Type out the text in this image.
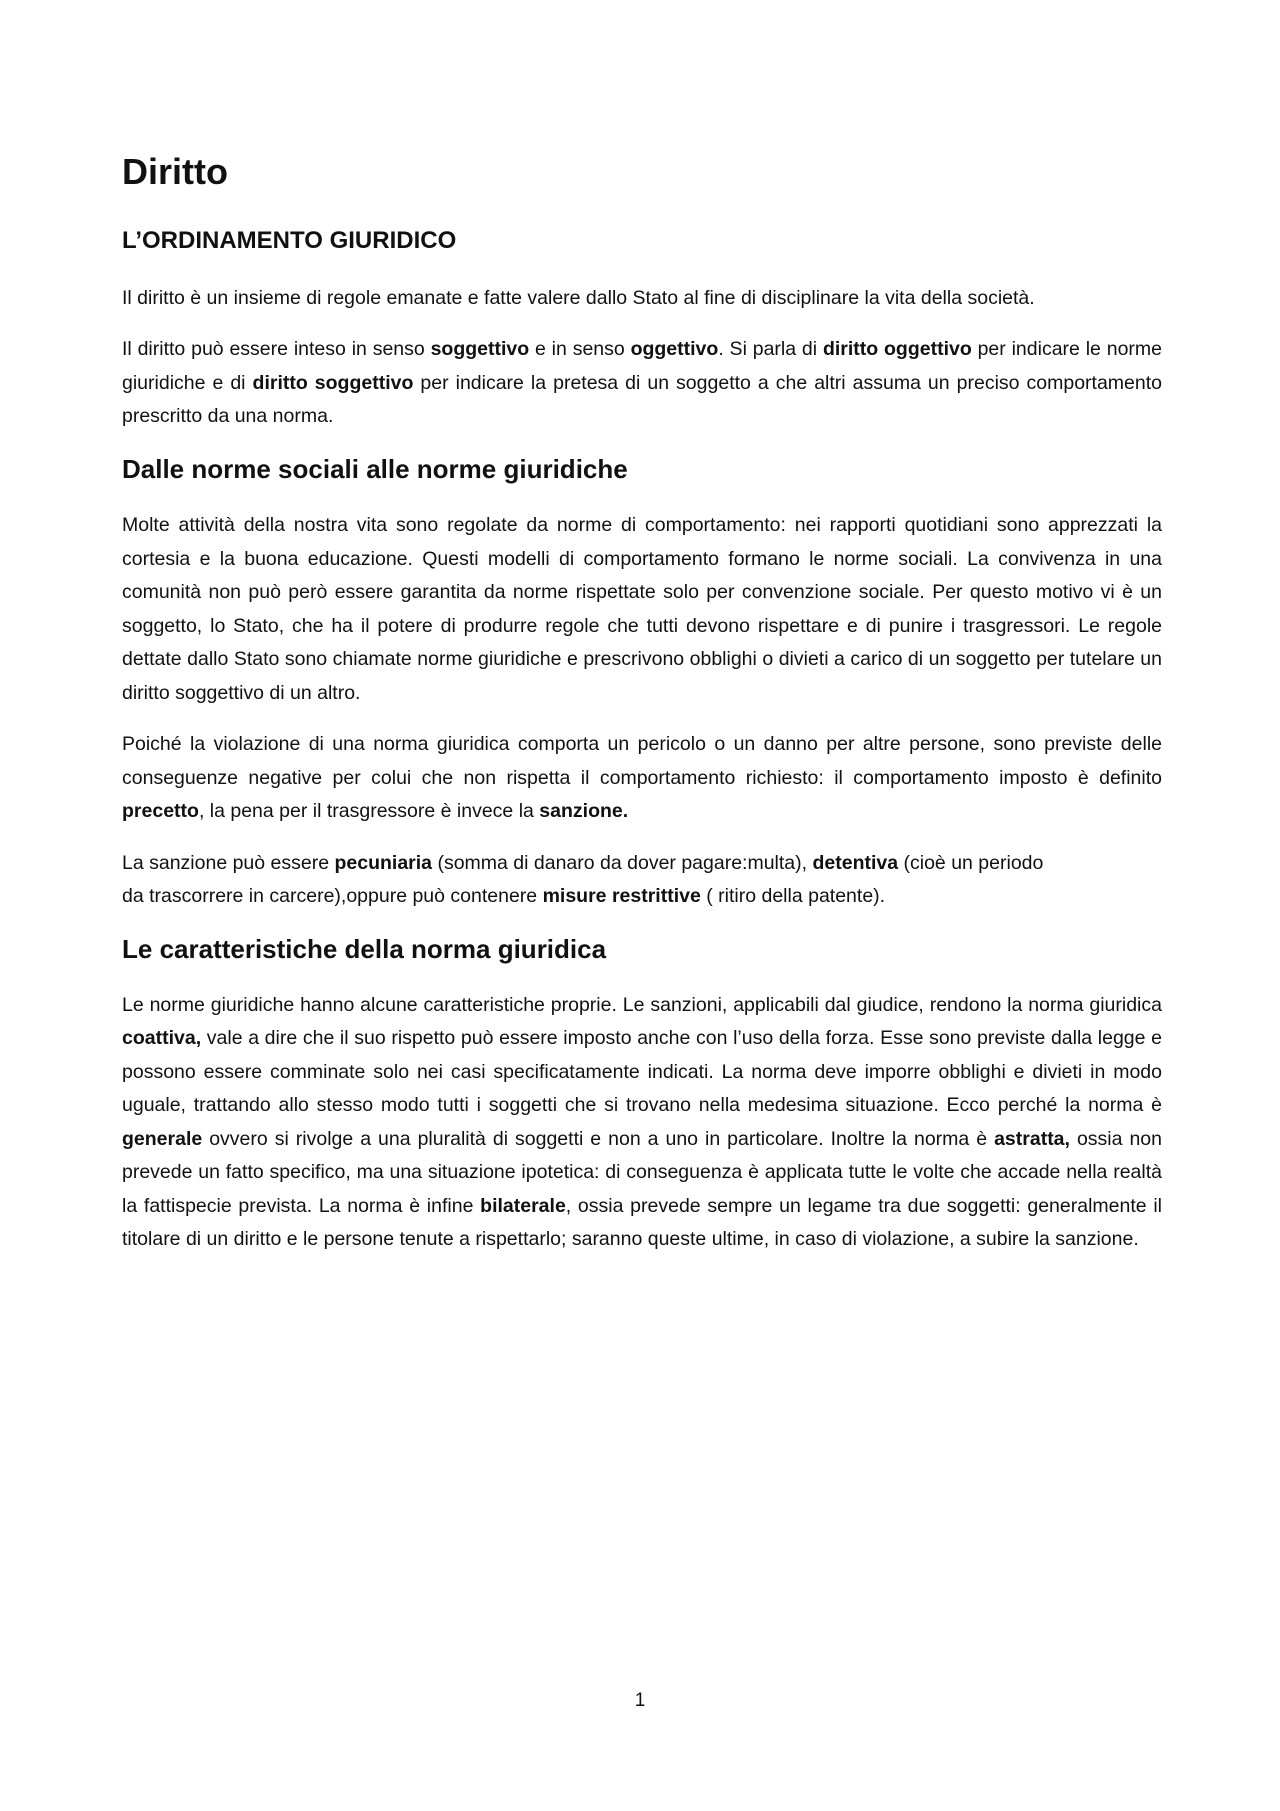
Diritto
L’ORDINAMENTO GIURIDICO

Il diritto è un insieme di regole emanate e fatte valere dallo Stato al fine di disciplinare la vita della società.

Il diritto può essere inteso in senso soggettivo e in senso oggettivo. Si parla di diritto oggettivo per indicare le norme giuridiche e di diritto soggettivo per indicare la pretesa di un soggetto a che altri assuma un preciso comportamento prescritto da una norma.

Dalle norme sociali alle norme giuridiche

Molte attività della nostra vita sono regolate da norme di comportamento: nei rapporti quotidiani sono apprezzati la cortesia e la buona educazione. Questi modelli di comportamento formano le norme sociali. La convivenza in una comunità non può però essere garantita da norme rispettate solo per convenzione sociale. Per questo motivo vi è un soggetto, lo Stato, che ha il potere di produrre regole che tutti devono rispettare e di punire i trasgressori. Le regole dettate dallo Stato sono chiamate norme giuridiche e prescrivono obblighi o divieti a carico di un soggetto per tutelare un diritto soggettivo di un altro.

Poiché la violazione di una norma giuridica comporta un pericolo o un danno per altre persone, sono previste delle conseguenze negative per colui che non rispetta il comportamento richiesto: il comportamento imposto è definito precetto, la pena per il trasgressore è invece la sanzione.

La sanzione può essere pecuniaria (somma di danaro da dover pagare:multa), detentiva (cioè un periodo
da trascorrere in carcere),oppure può contenere misure restrittive ( ritiro della patente).

Le caratteristiche della norma giuridica

Le norme giuridiche hanno alcune caratteristiche proprie. Le sanzioni, applicabili dal giudice, rendono la norma giuridica coattiva, vale a dire che il suo rispetto può essere imposto anche con l’uso della forza. Esse sono previste dalla legge e possono essere comminate solo nei casi specificatamente indicati. La norma deve imporre obblighi e divieti in modo uguale, trattando allo stesso modo tutti i soggetti che si trovano nella medesima situazione. Ecco perché la norma è generale ovvero si rivolge a una pluralità di soggetti e non a uno in particolare. Inoltre la norma è astratta, ossia non prevede un fatto specifico, ma una situazione ipotetica: di conseguenza è applicata tutte le volte che accade nella realtà la fattispecie prevista. La norma è infine bilaterale, ossia prevede sempre un legame tra due soggetti: generalmente il titolare di un diritto e le persone tenute a rispettarlo; saranno queste ultime, in caso di violazione, a subire la sanzione.

1
